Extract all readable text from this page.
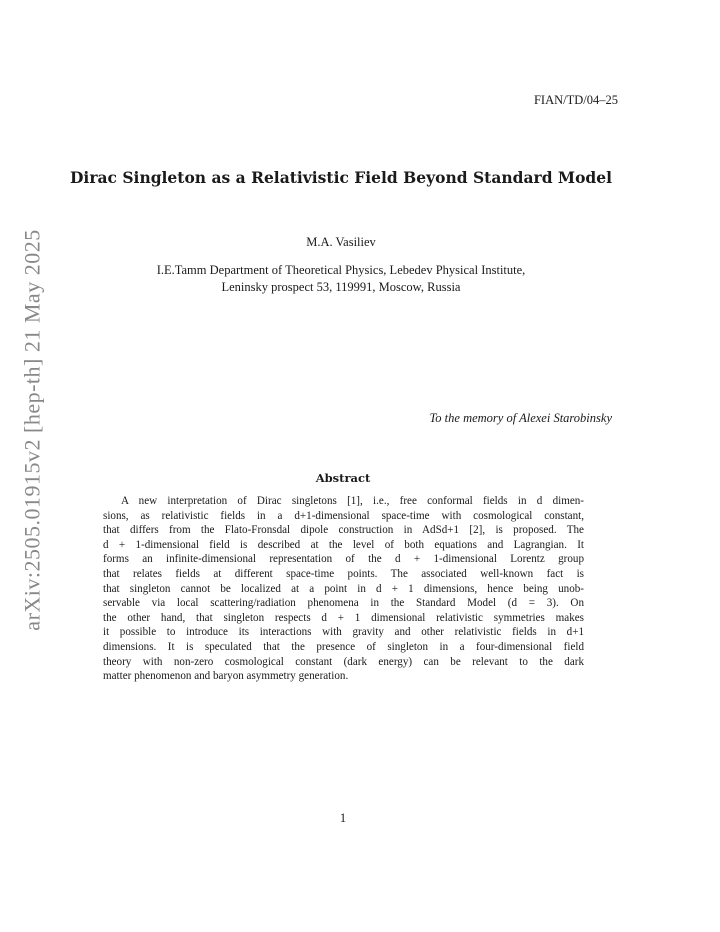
arXiv:2505.01915v2 [hep-th] 21 May 2025
FIAN/TD/04–25
Dirac Singleton as a Relativistic Field Beyond Standard Model
M.A. Vasiliev
I.E.Tamm Department of Theoretical Physics, Lebedev Physical Institute,
Leninsky prospect 53, 119991, Moscow, Russia
To the memory of Alexei Starobinsky
Abstract
A new interpretation of Dirac singletons [1], i.e., free conformal fields in d dimen-
sions, as relativistic fields in a d+1-dimensional space-time with cosmological constant,
that differs from the Flato-Fronsdal dipole construction in AdSd+1 [2], is proposed. The
d + 1-dimensional field is described at the level of both equations and Lagrangian. It
forms an infinite-dimensional representation of the d + 1-dimensional Lorentz group
that relates fields at different space-time points. The associated well-known fact is
that singleton cannot be localized at a point in d + 1 dimensions, hence being unob-
servable via local scattering/radiation phenomena in the Standard Model (d = 3). On
the other hand, that singleton respects d + 1 dimensional relativistic symmetries makes
it possible to introduce its interactions with gravity and other relativistic fields in d+1
dimensions. It is speculated that the presence of singleton in a four-dimensional field
theory with non-zero cosmological constant (dark energy) can be relevant to the dark
matter phenomenon and baryon asymmetry generation.
1
